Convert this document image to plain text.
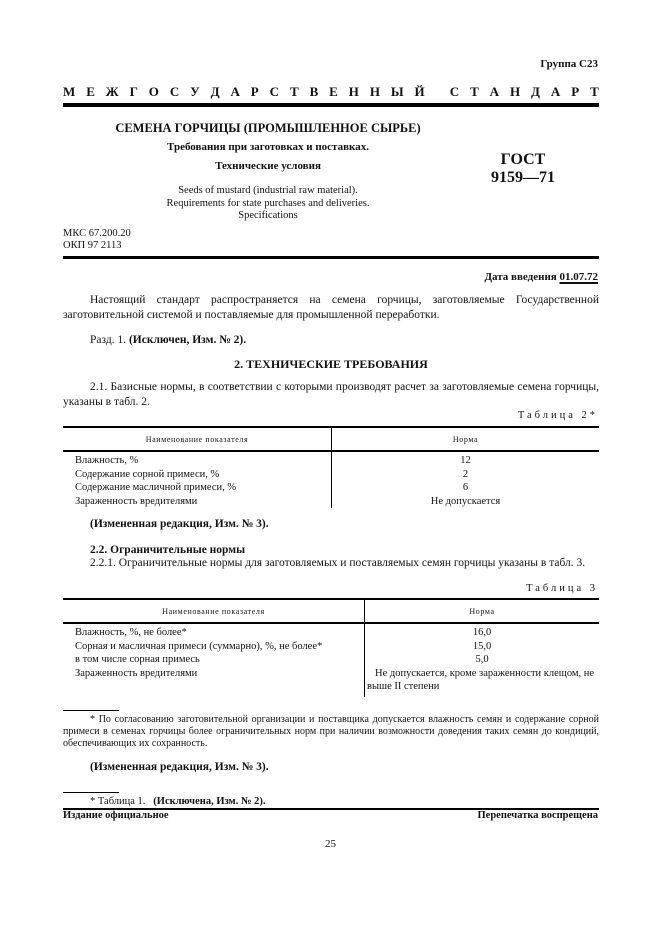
Группа С23
М Е Ж Г О С У Д А Р С Т В Е Н Н Ы Й
С Т А Н Д А Р Т
СЕМЕНА ГОРЧИЦЫ (ПРОМЫШЛЕННОЕ СЫРЬЕ)
Требования при заготовках и поставках.
Технические условия
Seeds of mustard (industrial raw material).
Requirements for state purchases and deliveries.
Specifications
ГОСТ
9159—71
МКС 67.200.20
ОКП 97 2113
Дата введения 01.07.72
Настоящий стандарт распространяется на семена горчицы, заготовляемые Государственной заготовительной системой и поставляемые для промышленной переработки.
Разд. 1. (Исключен, Изм. № 2).
2. ТЕХНИЧЕСКИЕ ТРЕБОВАНИЯ
2.1. Базисные нормы, в соответствии с которыми производят расчет за заготовляемые семена горчицы, указаны в табл. 2.
Таблица 2*
Наименование показателя	Норма
Влажность, %	12
Содержание сорной примеси, %	2
Содержание масличной примеси, %	6
Зараженность вредителями	Не допускается
(Измененная редакция, Изм. № 3).
2.2. Ограничительные нормы
2.2.1. Ограничительные нормы для заготовляемых и поставляемых семян горчицы указаны в табл. 3.
Таблица 3
Наименование показателя	Норма
Влажность, %, не более*	16,0
Сорная и масличная примеси (суммарно), %, не более*	15,0
в том числе сорная примесь	5,0
Зараженность вредителями	Не допускается, кроме зараженности клещом, не выше II степени
* По согласованию заготовительной организации и поставщика допускается влажность семян и содержание сорной примеси в семенах горчицы более ограничительных норм при наличии возможности доведения таких семян до кондиций, обеспечивающих их сохранность.
(Измененная редакция, Изм. № 3).
* Таблица 1. (Исключена, Изм. № 2).
Издание официальное	Перепечатка воспрещена
25
